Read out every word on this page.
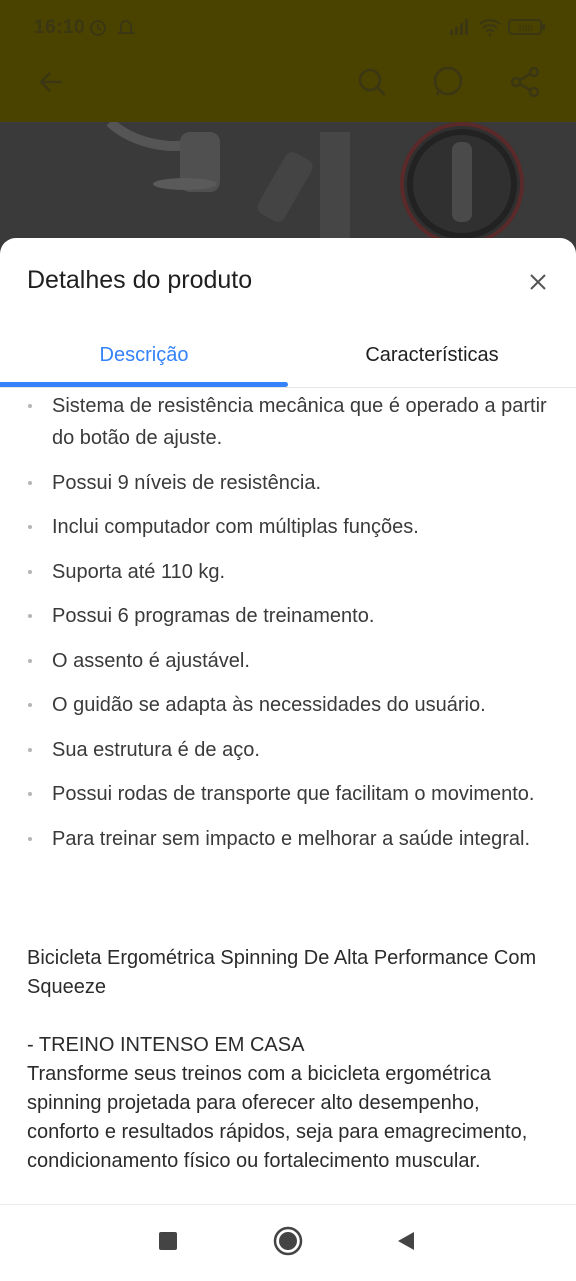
16:10	100
Detalhes do produto
Descrição	Características
Sistema de resistência mecânica que é operado a partir do botão de ajuste.
Possui 9 níveis de resistência.
Inclui computador com múltiplas funções.
Suporta até 110 kg.
Possui 6 programas de treinamento.
O assento é ajustável.
O guidão se adapta às necessidades do usuário.
Sua estrutura é de aço.
Possui rodas de transporte que facilitam o movimento.
Para treinar sem impacto e melhorar a saúde integral.

Bicicleta Ergométrica Spinning De Alta Performance Com Squeeze

- TREINO INTENSO EM CASA
Transforme seus treinos com a bicicleta ergométrica spinning projetada para oferecer alto desempenho, conforto e resultados rápidos, seja para emagrecimento, condicionamento físico ou fortalecimento muscular.
